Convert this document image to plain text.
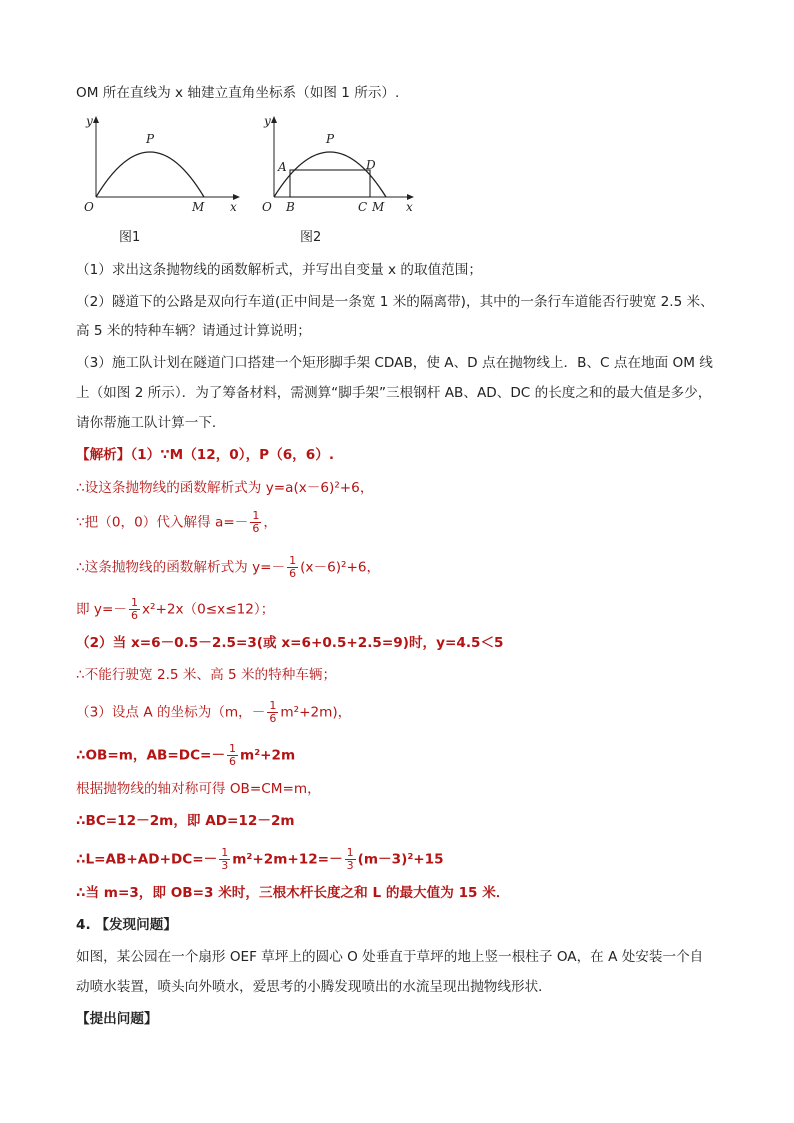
OM 所在直线为 x 轴建立直角坐标系（如图 1 所示）.
y
x
O
P
M
图1
y
x
O
P
A	D
B	C M
图2
（1）求出这条抛物线的函数解析式，并写出自变量 x 的取值范围；
（2）隧道下的公路是双向行车道(正中间是一条宽 1 米的隔离带)，其中的一条行车道能否行驶宽 2.5 米、
高 5 米的特种车辆？请通过计算说明；
（3）施工队计划在隧道门口搭建一个矩形脚手架 CDAB，使 A、D 点在抛物线上．B、C 点在地面 OM 线
上（如图 2 所示）．为了筹备材料，需测算“脚手架”三根钢杆 AB、AD、DC 的长度之和的最大值是多少，
请你帮施工队计算一下．
【解析】（1）∵M（12，0），P（6，6）.
∴设这条抛物线的函数解析式为 y=a(x－6)²+6，
∵把（0，0）代入解得 $a=- \frac{1}{6}$ ，
∴这条抛物线的函数解析式为 $y=- \frac{1}{6} (x-6)^2+6$，
即 $y=- \frac{1}{6} x^2+2x(0\le x\le 12)$；
（2）当 x=6－0.5－2.5=3(或 x=6+0.5+2.5=9)时，y=4.5＜5
∴不能行驶宽 2.5 米、高 5 米的特种车辆；
（3）设点 A 的坐标为（m，－ $\frac{1}{6} m^2+2m$)，
∴OB=m，$AB=DC=- \frac{1}{6} m^2+2m$
根据抛物线的轴对称可得 OB=CM=m，
∴BC=12－2m，即 AD=12－2m
∴L=AB+AD+DC=－ $\frac{1}{3} m^2+2m+12=- \frac{1}{3} (m-3)^2+15$
∴当 m=3，即 OB=3 米时，三根木杆长度之和 L 的最大值为 15 米．
4. 【发现问题】
如图，某公园在一个扇形 OEF 草坪上的圆心 O 处垂直于草坪的地上竖一根柱子 OA，在 A 处安装一个自
动喷水装置，喷头向外喷水，爱思考的小腾发现喷出的水流呈现出抛物线形状．
【提出问题】
